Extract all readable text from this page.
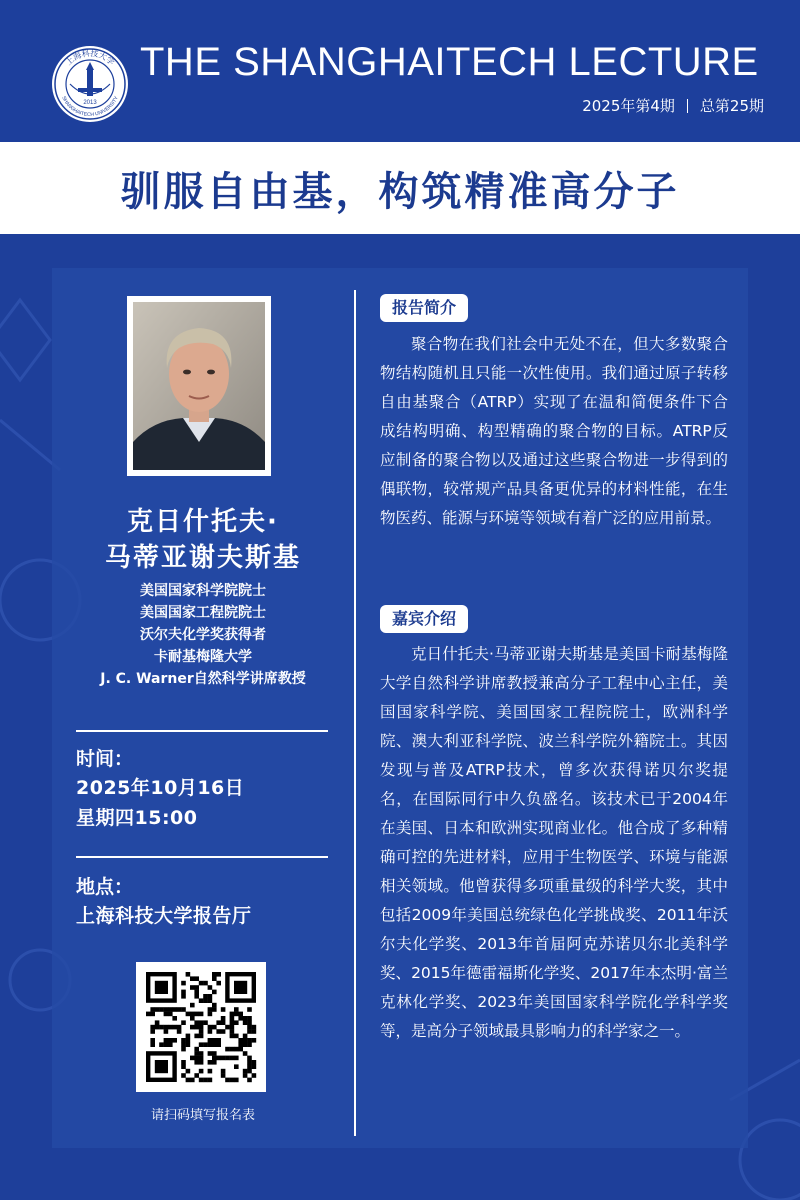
2013
上海科技大学
SHANGHAITECH UNIVERSITY
THE SHANGHAITECH LECTURE
2025年第4期 总第25期
驯服自由基，构筑精准高分子
克日什托夫·
马蒂亚谢夫斯基
美国国家科学院院士
美国国家工程院院士
沃尔夫化学奖获得者
卡耐基梅隆大学
J. C. Warner自然科学讲席教授
时间：
2025年10月16日
星期四15:00
地点：
上海科技大学报告厅
请扫码填写报名表
报告简介
聚合物在我们社会中无处不在，但大多数聚合物结构随机且只能一次性使用。我们通过原子转移自由基聚合（ATRP）实现了在温和简便条件下合成结构明确、构型精确的聚合物的目标。ATRP反应制备的聚合物以及通过这些聚合物进一步得到的偶联物，较常规产品具备更优异的材料性能，在生物医药、能源与环境等领域有着广泛的应用前景。
嘉宾介绍
克日什托夫·马蒂亚谢夫斯基是美国卡耐基梅隆大学自然科学讲席教授兼高分子工程中心主任，美国国家科学院、美国国家工程院院士，欧洲科学院、澳大利亚科学院、波兰科学院外籍院士。其因发现与普及ATRP技术，曾多次获得诺贝尔奖提名，在国际同行中久负盛名。该技术已于2004年在美国、日本和欧洲实现商业化。他合成了多种精确可控的先进材料，应用于生物医学、环境与能源相关领域。他曾获得多项重量级的科学大奖，其中包括2009年美国总统绿色化学挑战奖、2011年沃尔夫化学奖、2013年首届阿克苏诺贝尔北美科学奖、2015年德雷福斯化学奖、2017年本杰明·富兰克林化学奖、2023年美国国家科学院化学科学奖等，是高分子领域最具影响力的科学家之一。
